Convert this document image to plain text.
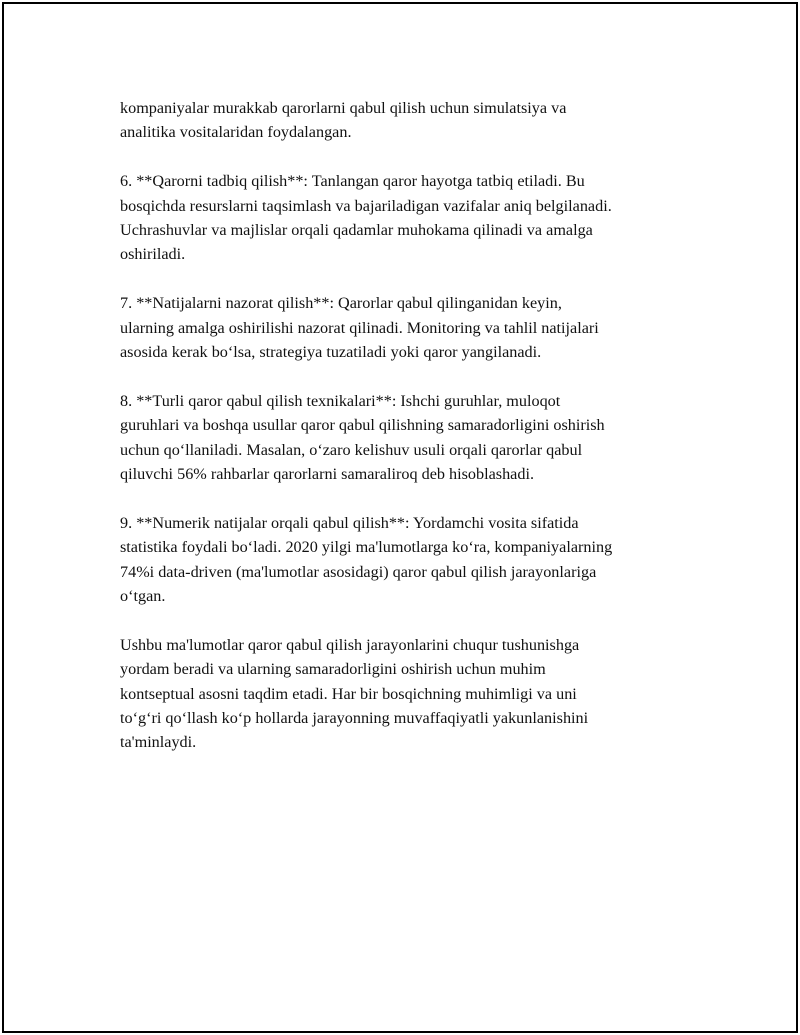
kompaniyalar murakkab qarorlarni qabul qilish uchun simulatsiya va
analitika vositalaridan foydalangan.

6. **Qarorni tadbiq qilish**: Tanlangan qaror hayotga tatbiq etiladi. Bu
bosqichda resurslarni taqsimlash va bajariladigan vazifalar aniq belgilanadi.
Uchrashuvlar va majlislar orqali qadamlar muhokama qilinadi va amalga
oshiriladi.

7. **Natijalarni nazorat qilish**: Qarorlar qabul qilinganidan keyin,
ularning amalga oshirilishi nazorat qilinadi. Monitoring va tahlil natijalari
asosida kerak bo‘lsa, strategiya tuzatiladi yoki qaror yangilanadi.

8. **Turli qaror qabul qilish texnikalari**: Ishchi guruhlar, muloqot
guruhlari va boshqa usullar qaror qabul qilishning samaradorligini oshirish
uchun qo‘llaniladi. Masalan, o‘zaro kelishuv usuli orqali qarorlar qabul
qiluvchi 56% rahbarlar qarorlarni samaraliroq deb hisoblashadi.

9. **Numerik natijalar orqali qabul qilish**: Yordamchi vosita sifatida
statistika foydali bo‘ladi. 2020 yilgi ma'lumotlarga ko‘ra, kompaniyalarning
74%i data-driven (ma'lumotlar asosidagi) qaror qabul qilish jarayonlariga
o‘tgan.

Ushbu ma'lumotlar qaror qabul qilish jarayonlarini chuqur tushunishga
yordam beradi va ularning samaradorligini oshirish uchun muhim
kontseptual asosni taqdim etadi. Har bir bosqichning muhimligi va uni
to‘g‘ri qo‘llash ko‘p hollarda jarayonning muvaffaqiyatli yakunlanishini
ta'minlaydi.
